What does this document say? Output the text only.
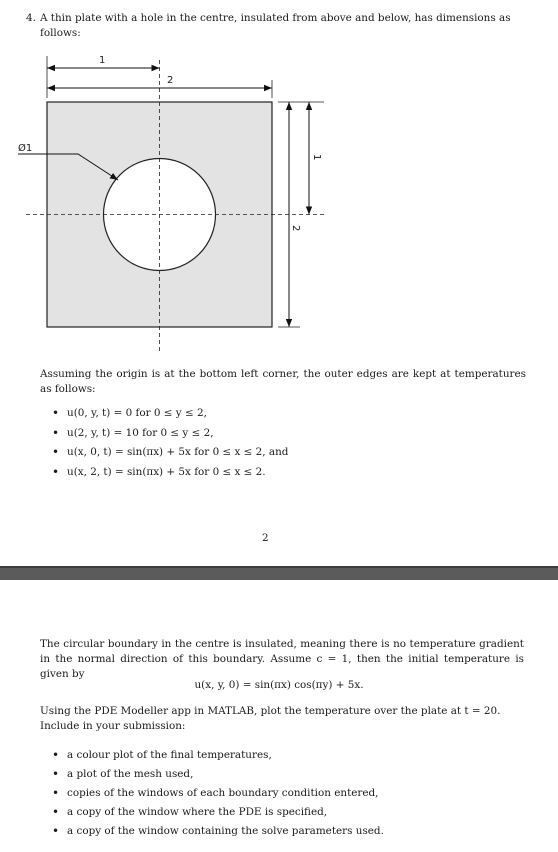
4. A thin plate with a hole in the centre, insulated from above and below, has dimensions as
follows:
1
2
1
2
Ø1
Assuming the origin is at the bottom left corner, the outer edges are kept at temperatures as follows:
• u(0, y, t) = 0 for 0 ≤ y ≤ 2,
• u(2, y, t) = 10 for 0 ≤ y ≤ 2,
• u(x, 0, t) = sin(πx) + 5x for 0 ≤ x ≤ 2, and
• u(x, 2, t) = sin(πx) + 5x for 0 ≤ x ≤ 2.
2
The circular boundary in the centre is insulated, meaning there is no temperature gradient in the normal direction of this boundary. Assume c = 1, then the initial temperature is given by
u(x, y, 0) = sin(πx) cos(πy) + 5x.
Using the PDE Modeller app in MATLAB, plot the temperature over the plate at t = 20.
Include in your submission:
• a colour plot of the final temperatures,
• a plot of the mesh used,
• copies of the windows of each boundary condition entered,
• a copy of the window where the PDE is specified,
• a copy of the window containing the solve parameters used.
